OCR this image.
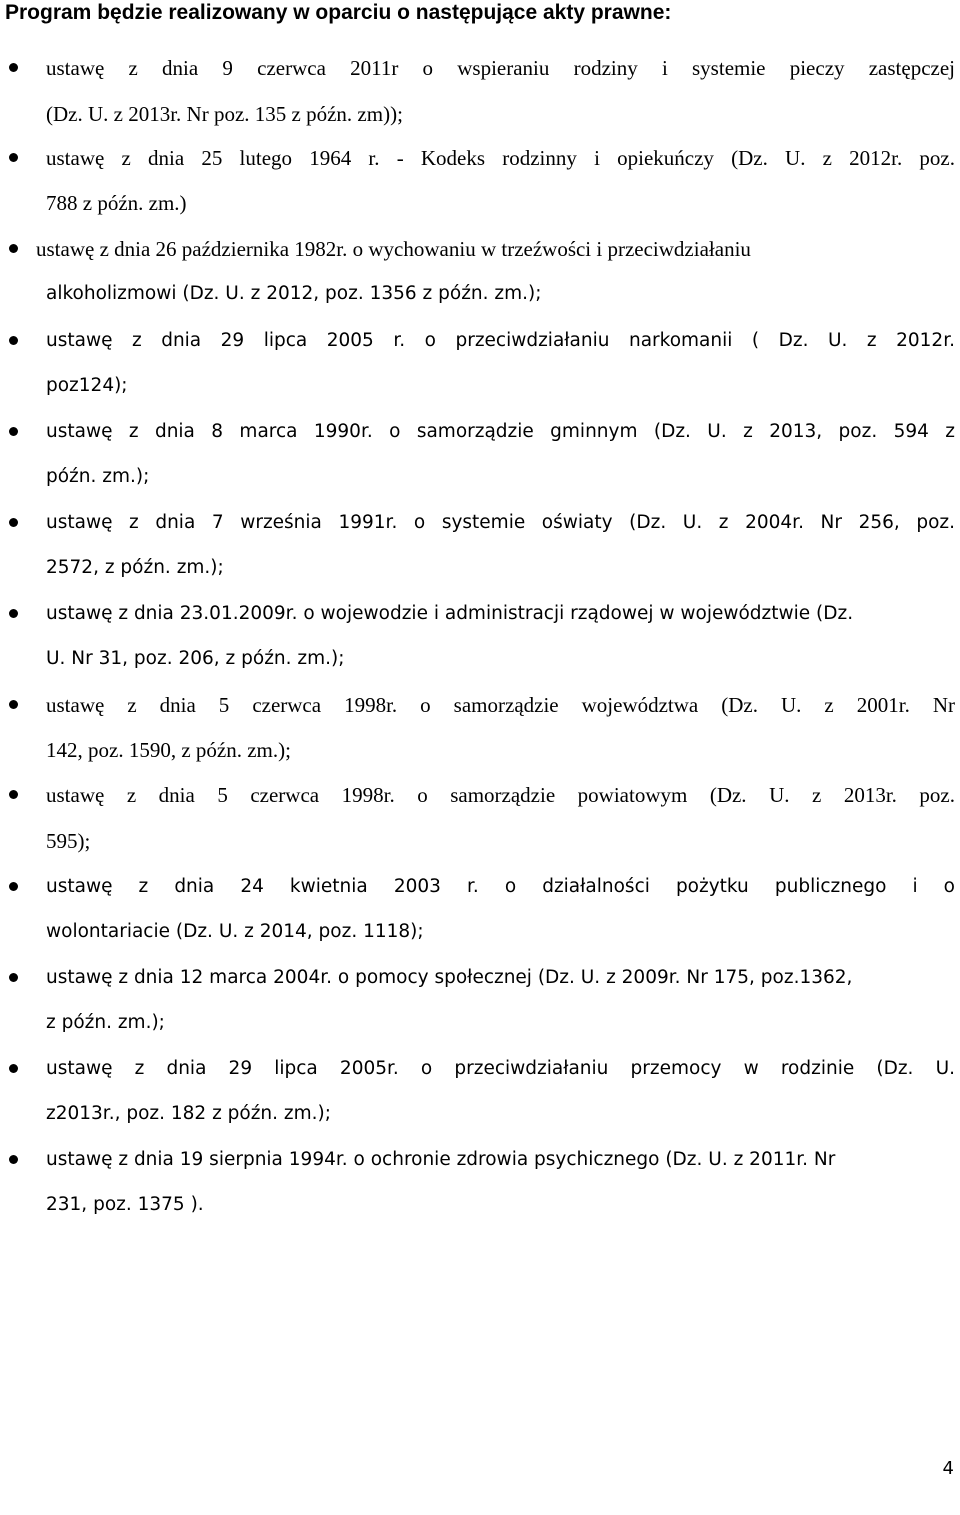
Program będzie realizowany w oparciu o następujące akty prawne:
ustawę z dnia 9 czerwca 2011r o wspieraniu rodziny i systemie pieczy zastępczej
(Dz. U. z 2013r. Nr poz. 135 z późn. zm));
ustawę z dnia 25 lutego 1964 r. - Kodeks rodzinny i opiekuńczy (Dz. U. z 2012r. poz.
788 z późn. zm.)
ustawę z dnia 26 października 1982r. o wychowaniu w trzeźwości i przeciwdziałaniu
alkoholizmowi (Dz. U. z 2012, poz. 1356 z późn. zm.);
ustawę z dnia 29 lipca 2005 r. o przeciwdziałaniu narkomanii ( Dz. U. z 2012r.
poz124);
ustawę z dnia 8 marca 1990r. o samorządzie gminnym (Dz. U. z 2013, poz. 594 z
późn. zm.);
ustawę z dnia 7 września 1991r. o systemie oświaty (Dz. U. z 2004r. Nr 256, poz.
2572, z późn. zm.);
ustawę z dnia 23.01.2009r. o wojewodzie i administracji rządowej w województwie (Dz.
U. Nr 31, poz. 206, z późn. zm.);
ustawę z dnia 5 czerwca 1998r. o samorządzie województwa (Dz. U. z 2001r. Nr
142, poz. 1590, z późn. zm.);
ustawę z dnia 5 czerwca 1998r. o samorządzie powiatowym (Dz. U. z 2013r. poz.
595);
ustawę z dnia 24 kwietnia 2003 r. o działalności pożytku publicznego i o
wolontariacie (Dz. U. z 2014, poz. 1118);
ustawę z dnia 12 marca 2004r. o pomocy społecznej (Dz. U. z 2009r. Nr 175, poz.1362,
z późn. zm.);
ustawę z dnia 29 lipca 2005r. o przeciwdziałaniu przemocy w rodzinie (Dz. U.
z2013r., poz. 182 z późn. zm.);
ustawę z dnia 19 sierpnia 1994r. o ochronie zdrowia psychicznego (Dz. U. z 2011r. Nr
231, poz. 1375 ).
4
